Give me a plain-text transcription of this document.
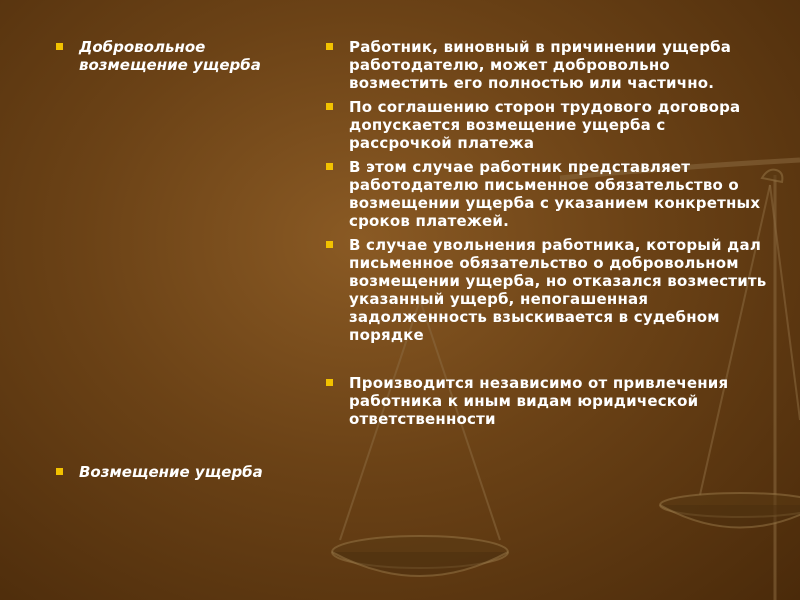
Добровольное возмещение ущерба
Возмещение ущерба
Работник, виновный в причинении ущерба работодателю, может добровольно возместить его полностью или частично.
По соглашению сторон трудового договора допускается возмещение ущерба с рассрочкой платежа
В этом случае работник представляет работодателю письменное обязательство о возмещении ущерба с указанием конкретных сроков платежей.
В случае увольнения работника, который дал письменное обязательство о добровольном возмещении ущерба, но отказался возместить указанный ущерб, непогашенная задолженность взыскивается в судебном порядке
Производится независимо от привлечения работника к иным видам юридической ответственности
